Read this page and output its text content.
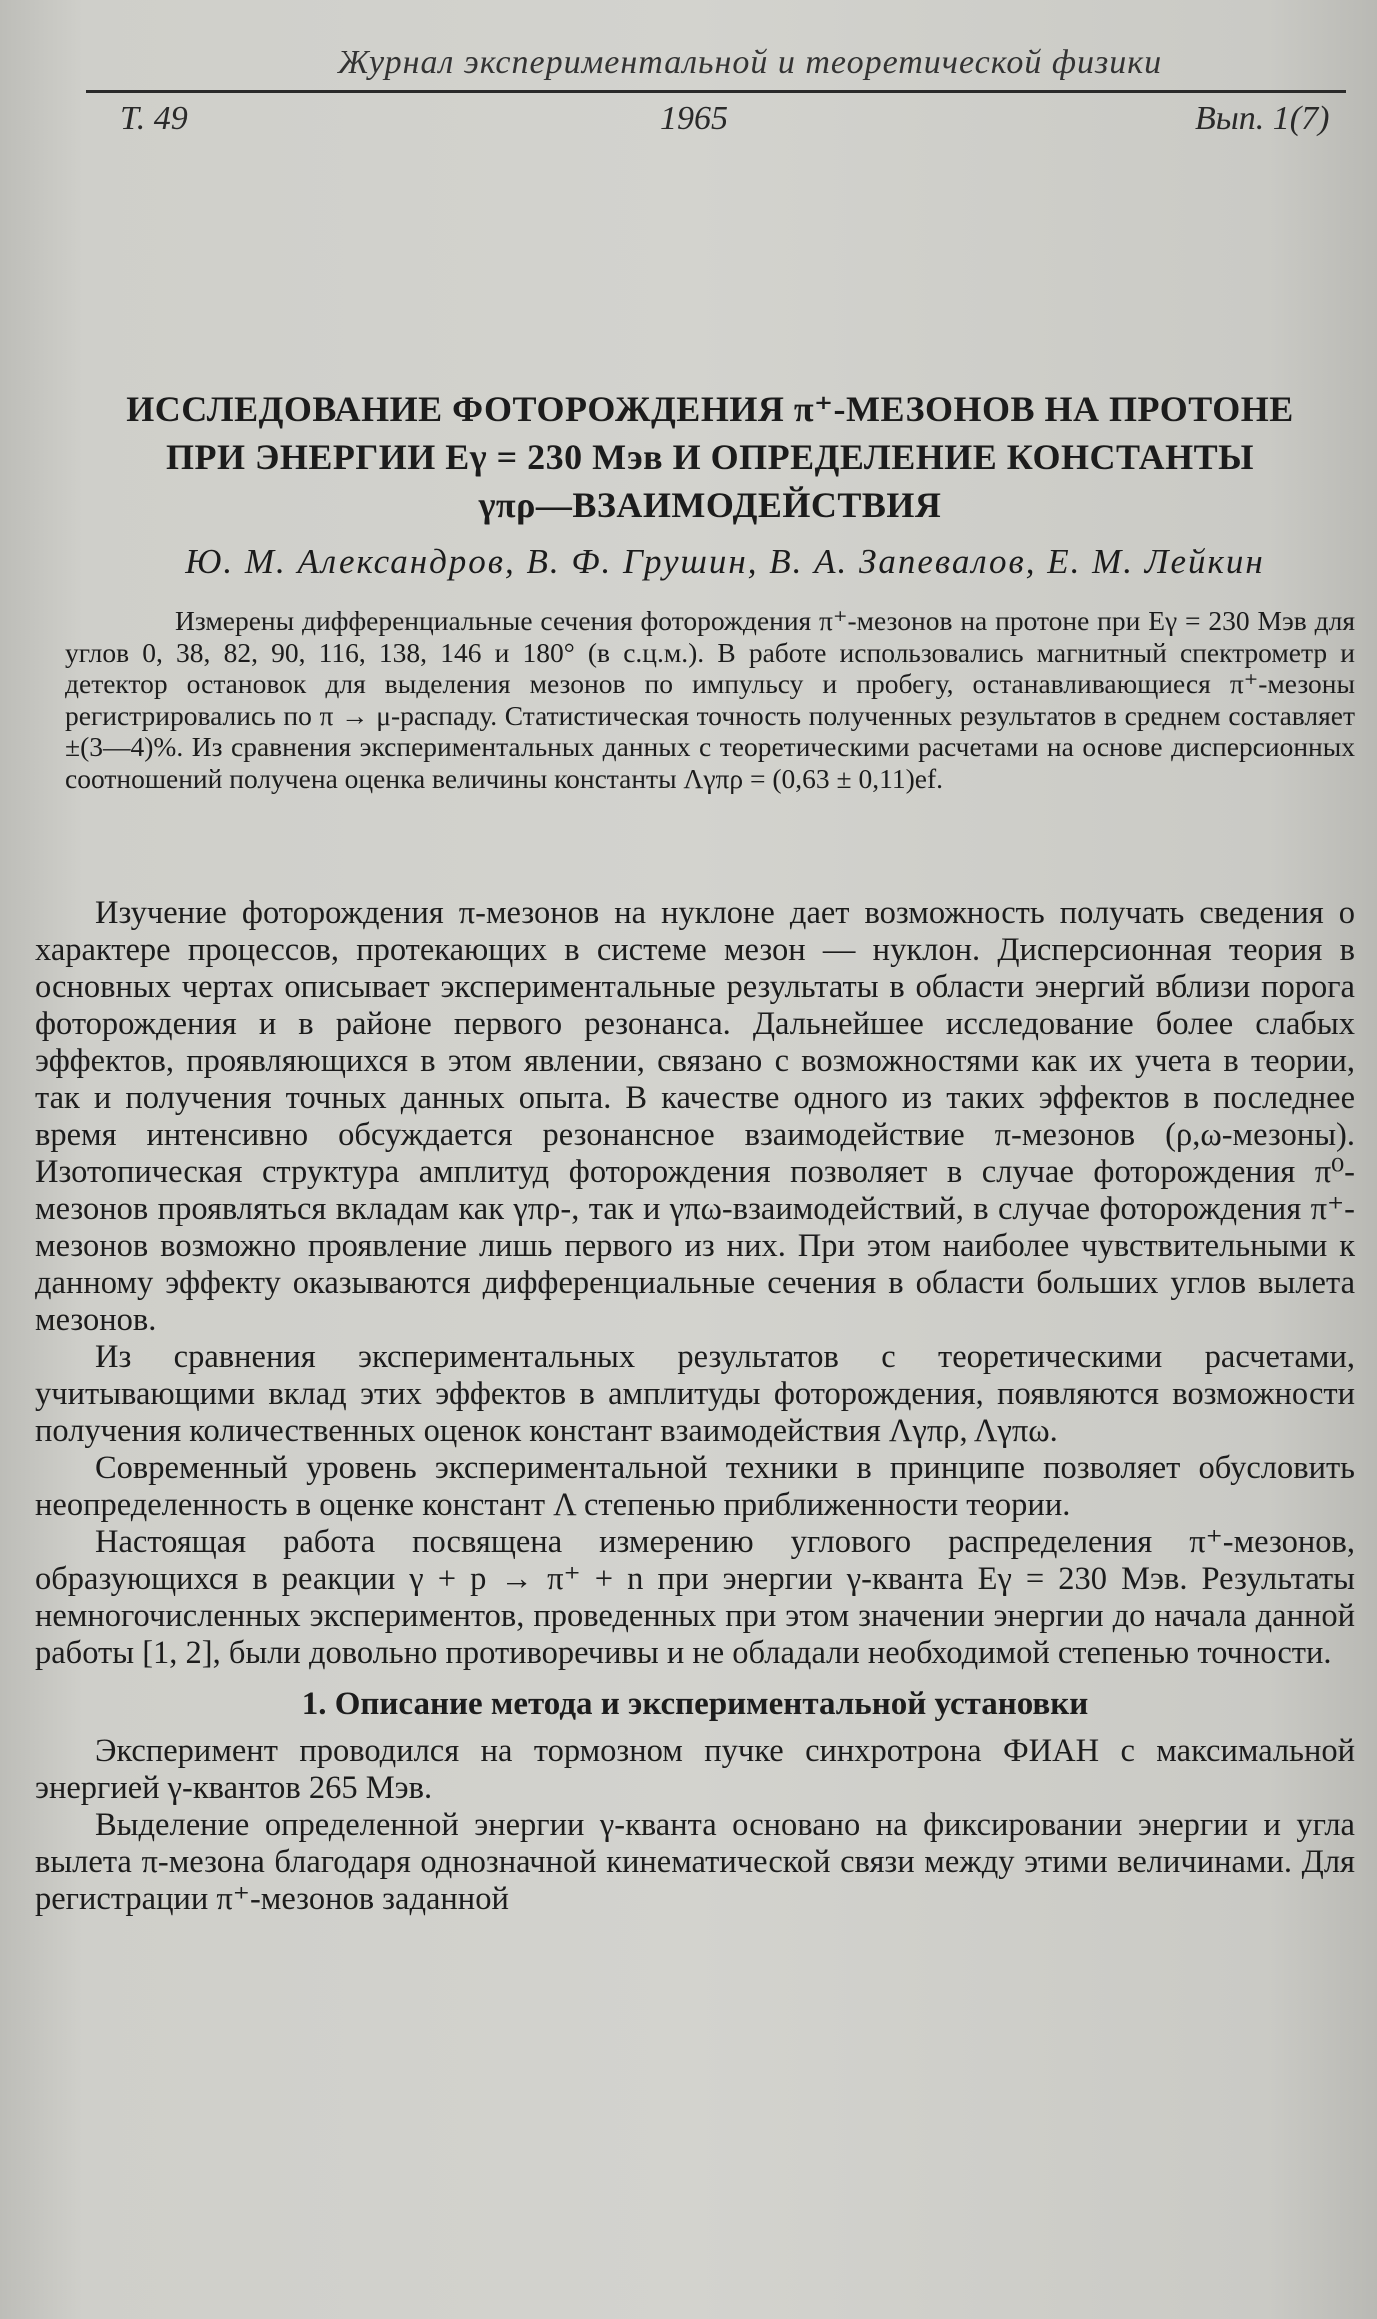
Журнал экспериментальной и теоретической физики
Т. 49	1965	Вып. 1(7)
ИССЛЕДОВАНИЕ ФОТОРОЖДЕНИЯ π⁺-МЕЗОНОВ НА ПРОТОНЕ
ПРИ ЭНЕРГИИ Eγ = 230 Мэв И ОПРЕДЕЛЕНИЕ КОНСТАНТЫ
γπρ—ВЗАИМОДЕЙСТВИЯ
Ю. М. Александров, В. Ф. Грушин, В. А. Запевалов, Е. М. Лейкин

Измерены дифференциальные сечения фоторождения π⁺-мезонов на протоне при Eγ = 230 Мэв для углов 0, 38, 82, 90, 116, 138, 146 и 180° (в с.ц.м.). В работе использовались магнитный спектрометр и детектор остановок для выделения мезонов по импульсу и пробегу, останавливающиеся π⁺-мезоны регистрировались по π → μ-распаду. Статистическая точность полученных результатов в среднем составляет ±(3—4)%. Из сравнения экспериментальных данных с теоретическими расчетами на основе дисперсионных соотношений получена оценка величины константы Λγπρ = (0,63 ± 0,11)ef.

Изучение фоторождения π-мезонов на нуклоне дает возможность получать сведения о характере процессов, протекающих в системе мезон — нуклон. Дисперсионная теория в основных чертах описывает экспериментальные результаты в области энергий вблизи порога фоторождения и в районе первого резонанса. Дальнейшее исследование более слабых эффектов, проявляющихся в этом явлении, связано с возможностями как их учета в теории, так и получения точных данных опыта. В качестве одного из таких эффектов в последнее время интенсивно обсуждается резонансное взаимодействие π-мезонов (ρ,ω-мезоны). Изотопическая структура амплитуд фоторождения позволяет в случае фоторождения π⁰-мезонов проявляться вкладам как γπρ-, так и γπω-взаимодействий, в случае фоторождения π⁺-мезонов возможно проявление лишь первого из них. При этом наиболее чувствительными к данному эффекту оказываются дифференциальные сечения в области больших углов вылета мезонов.

Из сравнения экспериментальных результатов с теоретическими расчетами, учитывающими вклад этих эффектов в амплитуды фоторождения, появляются возможности получения количественных оценок констант взаимодействия Λγπρ, Λγπω.

Современный уровень экспериментальной техники в принципе позволяет обусловить неопределенность в оценке констант Λ степенью приближенности теории.

Настоящая работа посвящена измерению углового распределения π⁺-мезонов, образующихся в реакции γ + p → π⁺ + n при энергии γ-кванта Eγ = 230 Мэв. Результаты немногочисленных экспериментов, проведенных при этом значении энергии до начала данной работы [1, 2], были довольно противоречивы и не обладали необходимой степенью точности.

1. Описание метода и экспериментальной установки

Эксперимент проводился на тормозном пучке синхротрона ФИАН с максимальной энергией γ-квантов 265 Мэв.

Выделение определенной энергии γ-кванта основано на фиксировании энергии и угла вылета π-мезона благодаря однозначной кинематической связи между этими величинами. Для регистрации π⁺-мезонов заданной
